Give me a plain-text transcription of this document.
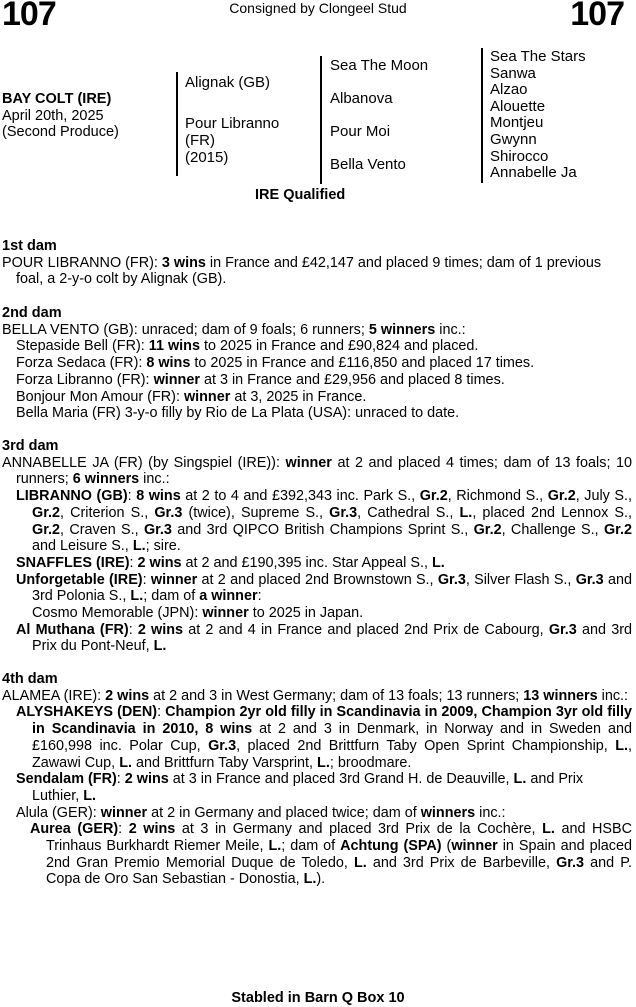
107	107
Consigned by Clongeel Stud
BAY COLT (IRE)
April 20th, 2025
(Second Produce)
Alignak (GB)
Pour Libranno
(FR)
(2015)
Sea The Moon
Albanova
Pour Moi
Bella Vento
Sea The Stars
Sanwa
Alzao
Alouette
Montjeu
Gwynn
Shirocco
Annabelle Ja
IRE Qualified

1st dam

POUR LIBRANNO (FR): 3 wins in France and £42,147 and placed 9 times; dam of 1 previous foal, a 2-y-o colt by Alignak (GB).

2nd dam

BELLA VENTO (GB): unraced; dam of 9 foals; 6 runners; 5 winners inc.:

Stepaside Bell (FR): 11 wins to 2025 in France and £90,824 and placed.

Forza Sedaca (FR): 8 wins to 2025 in France and £116,850 and placed 17 times.

Forza Libranno (FR): winner at 3 in France and £29,956 and placed 8 times.

Bonjour Mon Amour (FR): winner at 3, 2025 in France.

Bella Maria (FR) 3-y-o filly by Rio de La Plata (USA): unraced to date.

3rd dam

ANNABELLE JA (FR) (by Singspiel (IRE)): winner at 2 and placed 4 times; dam of 13 foals; 10 runners; 6 winners inc.:

LIBRANNO (GB): 8 wins at 2 to 4 and £392,343 inc. Park S., Gr.2, Richmond S., Gr.2, July S., Gr.2, Criterion S., Gr.3 (twice), Supreme S., Gr.3, Cathedral S., L., placed 2nd Lennox S., Gr.2, Craven S., Gr.3 and 3rd QIPCO British Champions Sprint S., Gr.2, Challenge S., Gr.2 and Leisure S., L.; sire.

SNAFFLES (IRE): 2 wins at 2 and £190,395 inc. Star Appeal S., L.

Unforgetable (IRE): winner at 2 and placed 2nd Brownstown S., Gr.3, Silver Flash S., Gr.3 and 3rd Polonia S., L.; dam of a winner:

Cosmo Memorable (JPN): winner to 2025 in Japan.

Al Muthana (FR): 2 wins at 2 and 4 in France and placed 2nd Prix de Cabourg, Gr.3 and 3rd Prix du Pont-Neuf, L.

4th dam

ALAMEA (IRE): 2 wins at 2 and 3 in West Germany; dam of 13 foals; 13 runners; 13 winners inc.:

ALYSHAKEYS (DEN): Champion 2yr old filly in Scandinavia in 2009, Champion 3yr old filly in Scandinavia in 2010, 8 wins at 2 and 3 in Denmark, in Norway and in Sweden and £160,998 inc. Polar Cup, Gr.3, placed 2nd Brittfurn Taby Open Sprint Championship, L., Zawawi Cup, L. and Brittfurn Taby Varsprint, L.; broodmare.

Sendalam (FR): 2 wins at 3 in France and placed 3rd Grand H. de Deauville, L. and Prix Luthier, L.

Alula (GER): winner at 2 in Germany and placed twice; dam of winners inc.:

Aurea (GER): 2 wins at 3 in Germany and placed 3rd Prix de la Cochère, L. and HSBC Trinhaus Burkhardt Riemer Meile, L.; dam of Achtung (SPA) (winner in Spain and placed 2nd Gran Premio Memorial Duque de Toledo, L. and 3rd Prix de Barbeville, Gr.3 and P. Copa de Oro San Sebastian - Donostia, L.).

Stabled in Barn Q Box 10
